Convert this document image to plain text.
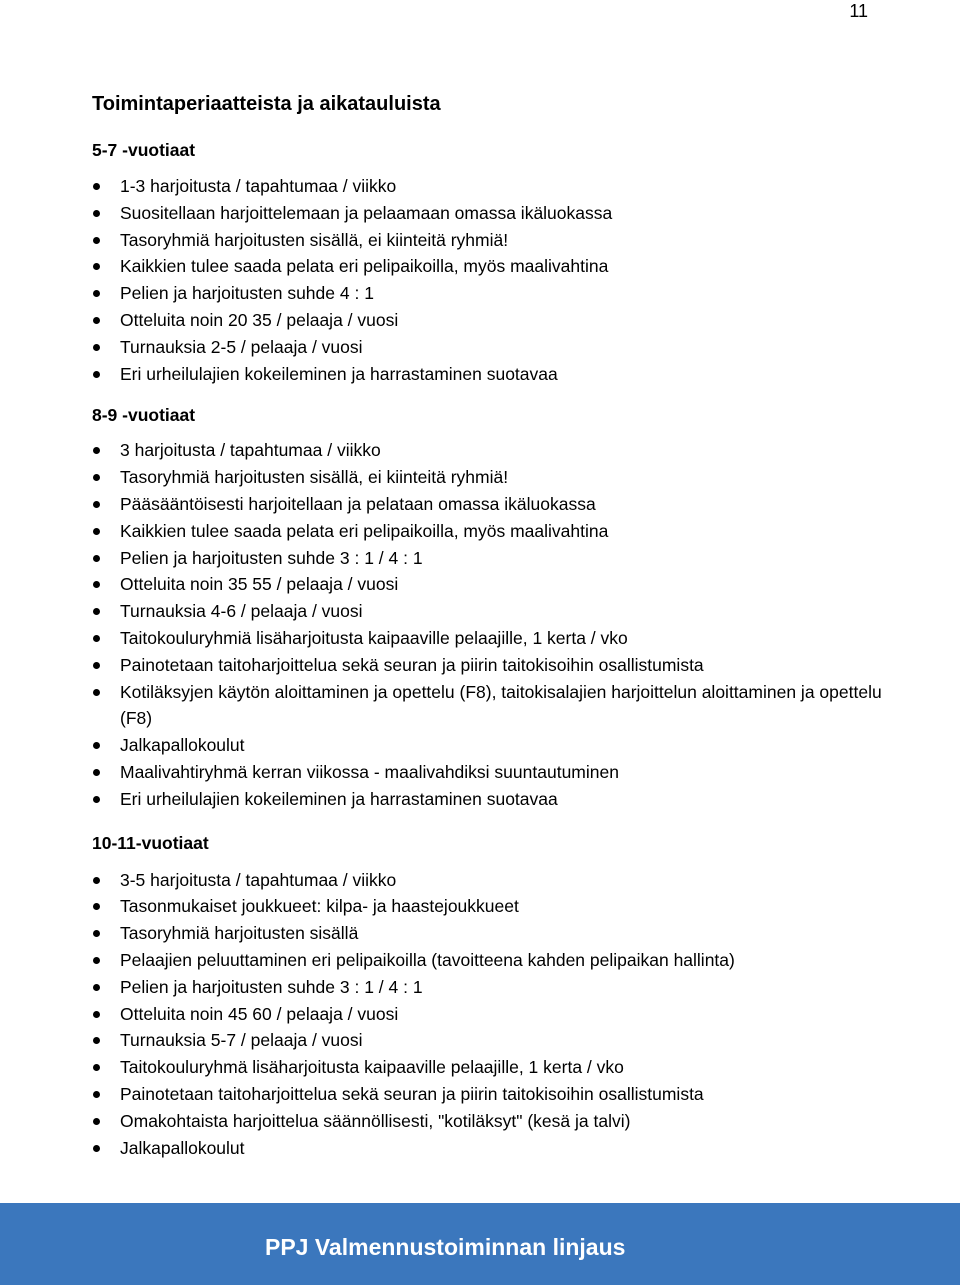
11
Toimintaperiaatteista ja aikatauluista
5-7 -vuotiaat
1-3 harjoitusta / tapahtumaa / viikko
Suositellaan harjoittelemaan ja pelaamaan omassa ikäluokassa
Tasoryhmiä harjoitusten sisällä, ei kiinteitä ryhmiä!
Kaikkien tulee saada pelata eri pelipaikoilla, myös maalivahtina
Pelien ja harjoitusten suhde 4 : 1
Otteluita noin 20 35 / pelaaja / vuosi
Turnauksia 2-5 / pelaaja / vuosi
Eri urheilulajien kokeileminen ja harrastaminen suotavaa
8-9 -vuotiaat
3 harjoitusta / tapahtumaa / viikko
Tasoryhmiä harjoitusten sisällä, ei kiinteitä ryhmiä!
Pääsääntöisesti harjoitellaan ja pelataan omassa ikäluokassa
Kaikkien tulee saada pelata eri pelipaikoilla, myös maalivahtina
Pelien ja harjoitusten suhde 3 : 1 / 4 : 1
Otteluita noin 35 55 / pelaaja / vuosi
Turnauksia 4-6 / pelaaja / vuosi
Taitokouluryhmiä lisäharjoitusta kaipaaville pelaajille, 1 kerta / vko
Painotetaan taitoharjoittelua sekä seuran ja piirin taitokisoihin osallistumista
Kotiläksyjen käytön aloittaminen ja opettelu (F8), taitokisalajien harjoittelun aloittaminen ja opettelu (F8)
Jalkapallokoulut
Maalivahtiryhmä kerran viikossa - maalivahdiksi suuntautuminen
Eri urheilulajien kokeileminen ja harrastaminen suotavaa
10-11-vuotiaat
3-5 harjoitusta / tapahtumaa / viikko
Tasonmukaiset joukkueet: kilpa- ja haastejoukkueet
Tasoryhmiä harjoitusten sisällä
Pelaajien peluuttaminen eri pelipaikoilla (tavoitteena kahden pelipaikan hallinta)
Pelien ja harjoitusten suhde 3 : 1 / 4 : 1
Otteluita noin 45 60 / pelaaja / vuosi
Turnauksia 5-7 / pelaaja / vuosi
Taitokouluryhmä lisäharjoitusta kaipaaville pelaajille, 1 kerta / vko
Painotetaan taitoharjoittelua sekä seuran ja piirin taitokisoihin osallistumista
Omakohtaista harjoittelua säännöllisesti, "kotiläksyt" (kesä ja talvi)
Jalkapallokoulut
PPJ Valmennustoiminnan linjaus
